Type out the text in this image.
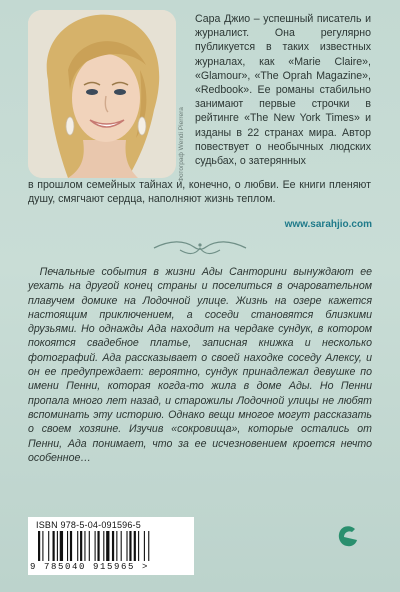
Фотограф Wendi Pierrera
Сара Джио – успешный писатель и журналист. Она регулярно публикуется в таких известных журналах, как «Marie Claire», «Glamour», «The Oprah Magazine», «Redbook». Ее романы стабильно занимают первые строчки в рейтинге «The New York Times» и изданы в 22 странах мира. Автор повествует о необычных людских судьбах, о затерянных

в прошлом семейных тайнах и, конечно, о любви. Ее книги пленяют душу, смягчают сердца, наполняют жизнь теплом.

www.sarahjio.com

Печальные события в жизни Ады Санторини вынуждают ее уехать на другой конец страны и поселиться в очаровательном плавучем домике на Лодочной улице. Жизнь на озере кажется настоящим приключением, а соседи становятся близкими друзьями. Но однажды Ада находит на чердаке сундук, в котором покоятся свадебное платье, записная книжка и несколько фотографий. Ада рассказывает о своей находке соседу Алексу, и он ее предупреждает: вероятно, сундук принадлежал девушке по имени Пенни, которая когда-то жила в доме Ады. Но Пенни пропала много лет назад, и старожилы Лодочной улицы не любят вспоминать эту историю. Однако вещи многое могут рассказать о своем хозяине. Изучив «сокровища», которые остались от Пенни, Ада понимает, что за ее исчезновением кроется нечто особенное…

ISBN 978-5-04-091596-5
9 785040 915965 >
